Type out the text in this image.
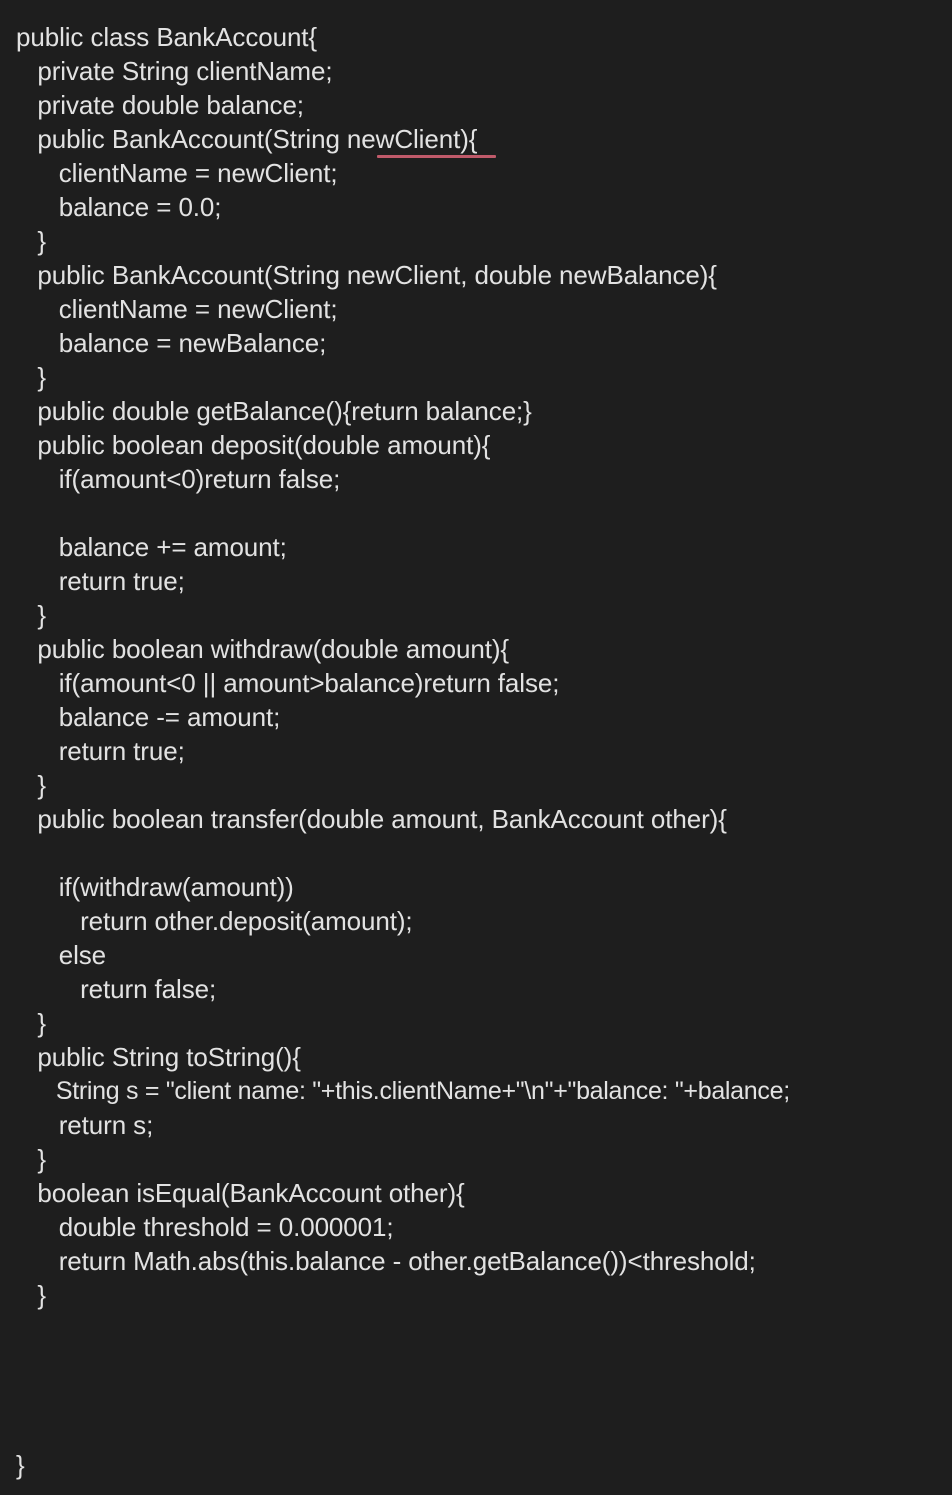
public class BankAccount{
private String clientName;
private double balance;
public BankAccount(String newClient){
clientName = newClient;
balance = 0.0;
}
public BankAccount(String newClient, double newBalance){
clientName = newClient;
balance = newBalance;
}
public double getBalance(){return balance;}
public boolean deposit(double amount){
if(amount<0)return false;
balance += amount;
return true;
}
public boolean withdraw(double amount){
if(amount<0 || amount>balance)return false;
balance -= amount;
return true;
}
public boolean transfer(double amount, BankAccount other){
if(withdraw(amount))
return other.deposit(amount);
else
return false;
}
public String toString(){
String s = "client name: "+this.clientName+"\n"+"balance: "+balance;
return s;
}
boolean isEqual(BankAccount other){
double threshold = 0.000001;
return Math.abs(this.balance - other.getBalance())<threshold;
}
}
